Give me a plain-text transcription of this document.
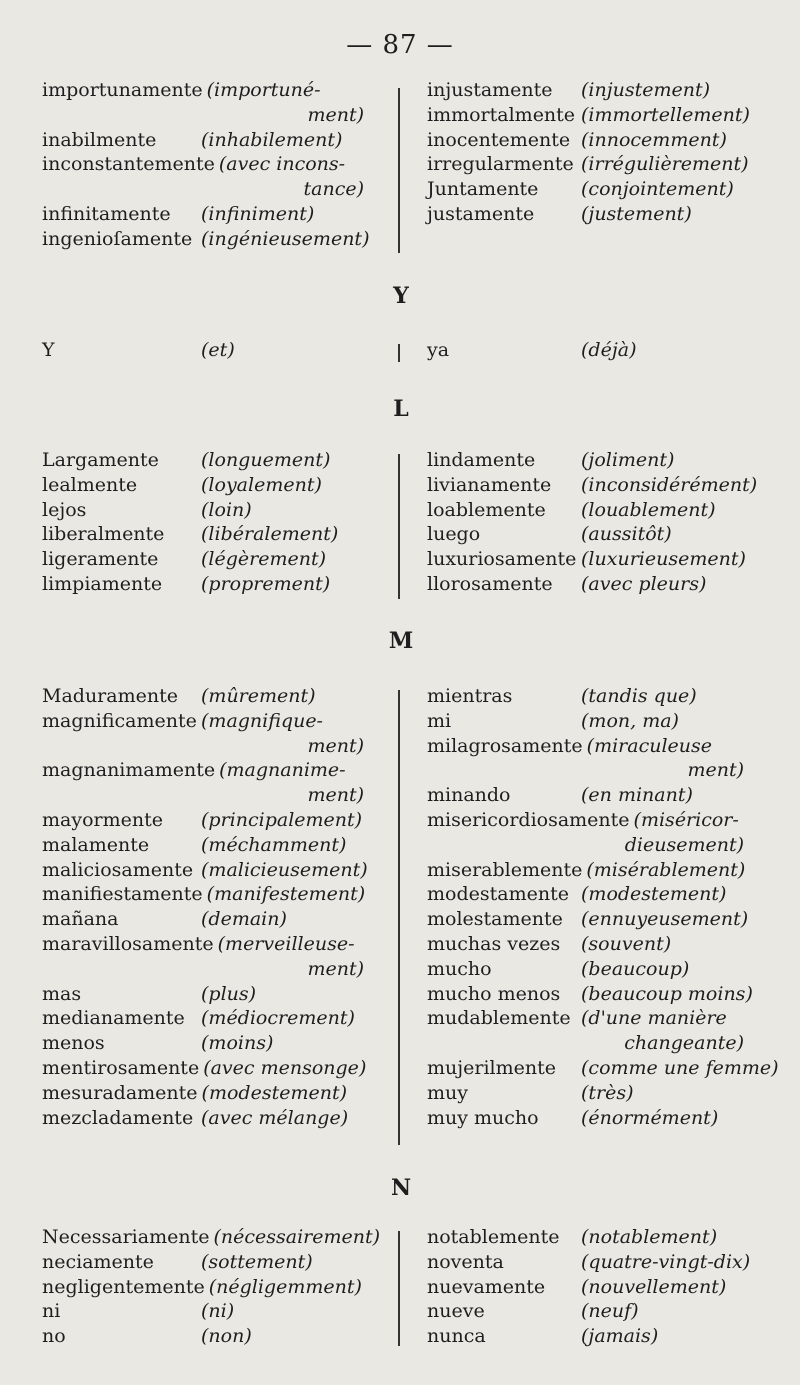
— 87 —
importunamente ( importuné-
ment)
inabilmente	( inhabilement )
inconstantemente ( avec incons-
tance)
infinitamente	( infiniment )
ingenioſamente ( ingénieusement )
injustamente	( injustement )
immortalmente ( immortellement )
inocentemente ( innocemment )
irregularmente ( irrégulièrement )
Juntamente	( conjointement )
justamente	( justement )
Y
Y	( et )	ya	( déjà )
L
Largamente	( longuement )
lealmente	( loyalement )
lejos	( loin )
liberalmente	( libéralement )
ligeramente	( légèrement )
limpiamente	( proprement )
lindamente	( joliment )
livianamente	( inconsidérément )
loablemente	( louablement )
luego	( aussitôt )
luxuriosamente ( luxurieusement )
llorosamente	( avec pleurs )
M
Maduramente	( mûrement )
magnificamente ( magnifique-
ment)
magnanimamente ( magnanime-
ment)
mayormente	( principalement )
malamente	( méchamment )
maliciosamente ( malicieusement )
manifiestamente ( manifestement )
mañana	( demain )
maravillosamente ( merveilleuse-
ment)
mas	( plus )
medianamente	( médiocrement )
menos	( moins )
mentirosamente ( avec mensonge )
mesuradamente ( modestement )
mezcladamente ( avec mélange )
mientras	( tandis que )
mi	( mon, ma )
milagrosamente ( miraculeuse
ment)
minando	( en minant )
misericordiosamente ( miséricor-
dieusement)
miserablemente ( misérablement )
modestamente	( modestement )
molestamente	( ennuyeusement )
muchas vezes	( souvent )
mucho	( beaucoup )
mucho menos	( beaucoup moins )
mudablemente ( d'une manière
changeante)
mujerilmente	( comme une femme )
muy	( très )
muy mucho	( énormément )
N
Necessariamente ( nécessairement )
neciamente	( sottement )
negligentemente ( négligemment )
ni	( ni )
no	( non )
notablemente	( notablement )
noventa	( quatre-vingt-dix )
nuevamente	( nouvellement )
nueve	( neuf )
nunca	( jamais )
